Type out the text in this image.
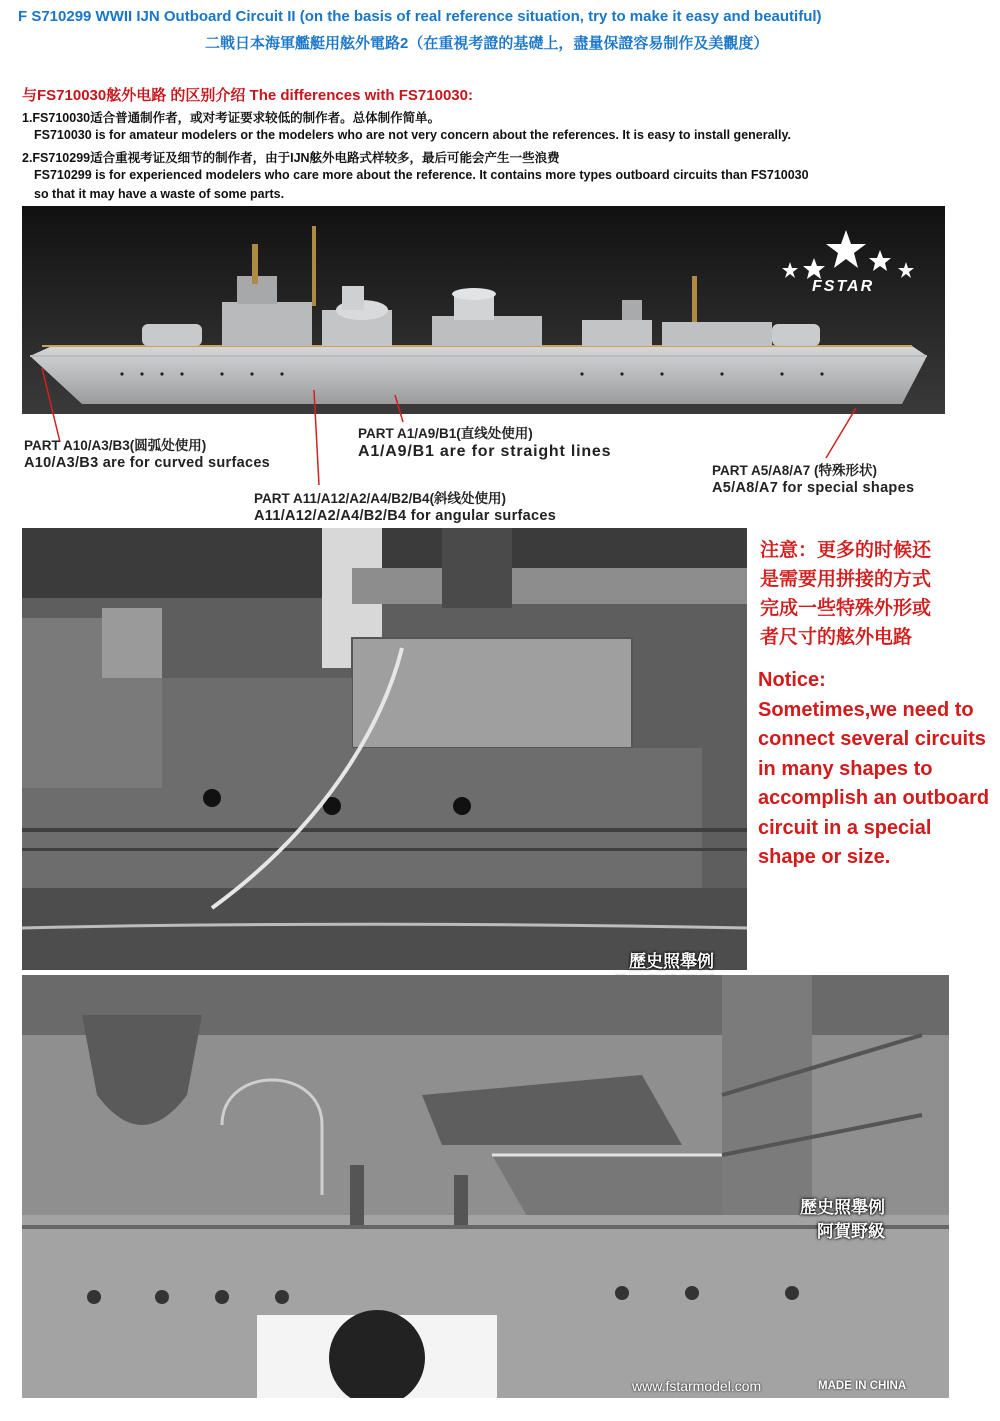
F S710299 WWII IJN Outboard Circuit II (on the basis of real reference situation, try to make it easy and beautiful)
二戦日本海軍艦艇用舷外電路2（在重視考證的基礎上，盡量保證容易制作及美觀度）
与FS710030舷外电路 的区别介绍 The differences with FS710030:
1.FS710030适合普通制作者，或对考证要求较低的制作者。总体制作简单。
FS710030 is for amateur modelers or the modelers who are not very concern about the references. It is easy to install generally.
2.FS710299适合重视考证及细节的制作者，由于IJN舷外电路式样较多，最后可能会产生一些浪费
FS710299 is for experienced modelers who care more about the reference. It contains more types outboard circuits than FS710030
so that it may have a waste of some parts.
FSTAR
PART A10/A3/B3(圆弧处使用)
A10/A3/B3 are for curved surfaces
PART A1/A9/B1(直线处使用)
A1/A9/B1 are for straight lines
PART A5/A8/A7 (特殊形状)
A5/A8/A7 for special shapes
PART A11/A12/A2/A4/B2/B4(斜线处使用)
A11/A12/A2/A4/B2/B4 for angular surfaces
歷史照舉例
歷史照舉例
阿賀野級
注意：更多的时候还
是需要用拼接的方式
完成一些特殊外形或
者尺寸的舷外电路
Notice:
Sometimes,we need to
connect several circuits
in many shapes to
accomplish an outboard
circuit in a special
shape or size.
www.fstarmodel.com	MADE IN CHINA
